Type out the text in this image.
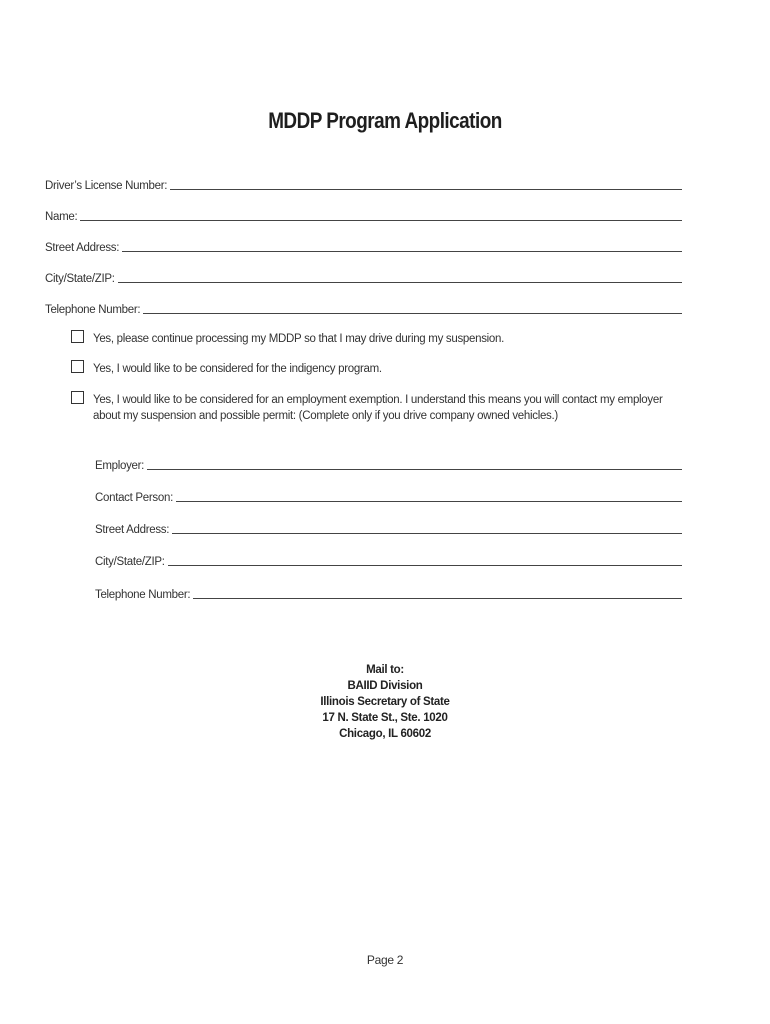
MDDP Program Application
Driver’s License Number:
Name:
Street Address:
City/State/ZIP:
Telephone Number:
Yes, please continue processing my MDDP so that I may drive during my suspension.
Yes, I would like to be considered for the indigency program.
Yes, I would like to be considered for an employment exemption. I understand this means you will contact my employer about my suspension and possible permit: (Complete only if you drive company owned vehicles.)
Employer:
Contact Person:
Street Address:
City/State/ZIP:
Telephone Number:
Mail to:
BAIID Division
Illinois Secretary of State
17 N. State St., Ste. 1020
Chicago, IL 60602
Page 2
